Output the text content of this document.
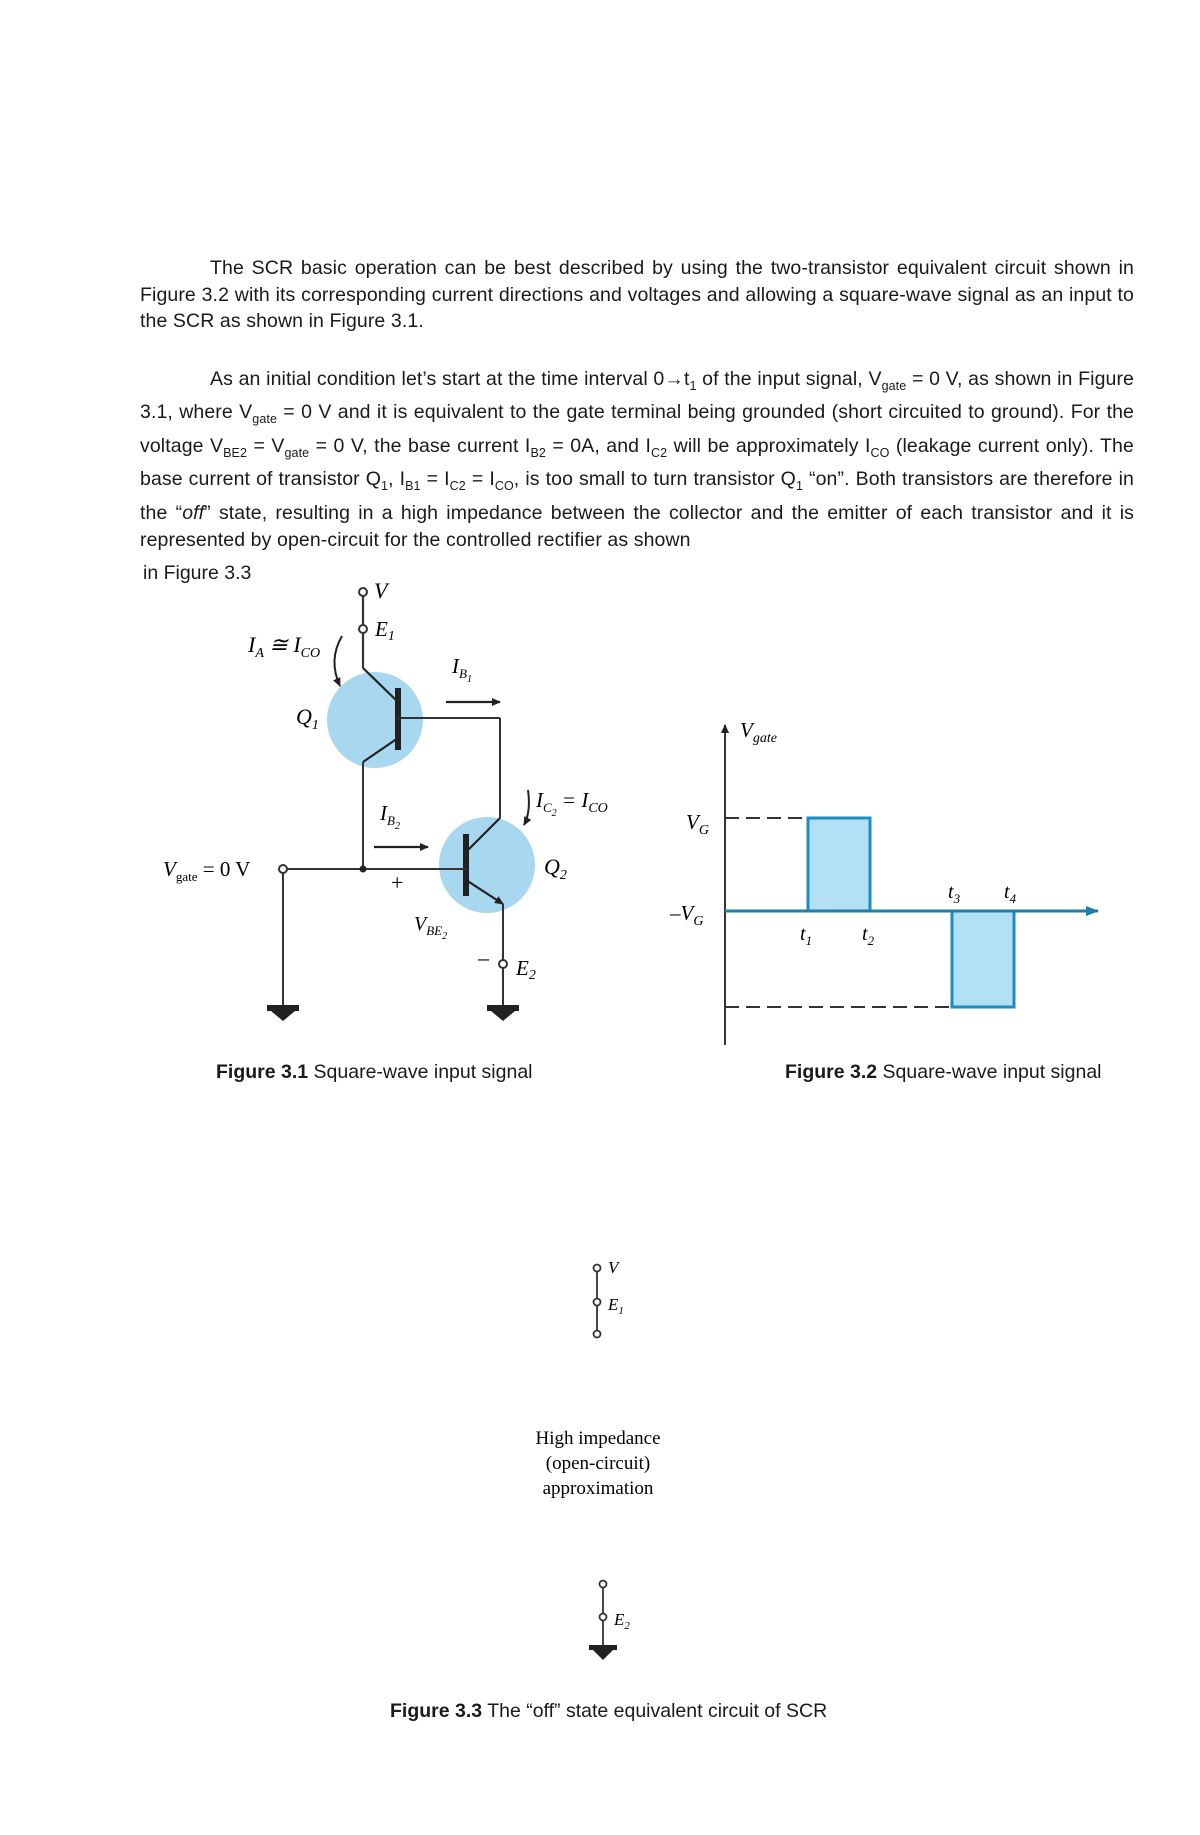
The SCR basic operation can be best described by using the two-transistor equivalent circuit shown in Figure 3.2 with its corresponding current directions and voltages and allowing a square-wave signal as an input to the SCR as shown in Figure 3.1.
As an initial condition let’s start at the time interval $0\to t_1$ of the input signal, $V_{gate} = 0$ V, as shown in Figure 3.1, where $V_{gate} = 0$ V and it is equivalent to the gate terminal being grounded (short circuited to ground). For the voltage $V_{BE2} = V_{gate} = 0$ V, the base current $I_{B2} = 0A$, and $I_{C2}$ will be approximately $I_{CO}$ (leakage current only). The base current of transistor $Q_1$, $I_{B1} = I_{C2} = I_{CO}$, is too small to turn transistor $Q_1$ “on”. Both transistors are therefore in the “off” state, resulting in a high impedance between the collector and the emitter of each transistor and it is represented by open-circuit for the controlled rectifier as shown
in Figure 3.3
V
E1
$I_A$ ≅ $I_{CO}$
$Q_1$
$I_B1$
$I_C2 = I_{CO}$
$I_B2$
$Q_2$
$V_{gate} = 0$ V
+
$V_{BE2}$
– E2
$V_{gate}$
$V_G$
$-V_G$
$t_1$ $t_2$
$t_3$ $t_4$
V
$E_1$
High impedance
(open-circuit)
approximation
$E_2$
Figure 3.1 Square-wave input signal	Figure 3.2 Square-wave input signal
Figure 3.3 The “off” state equivalent circuit of SCR
